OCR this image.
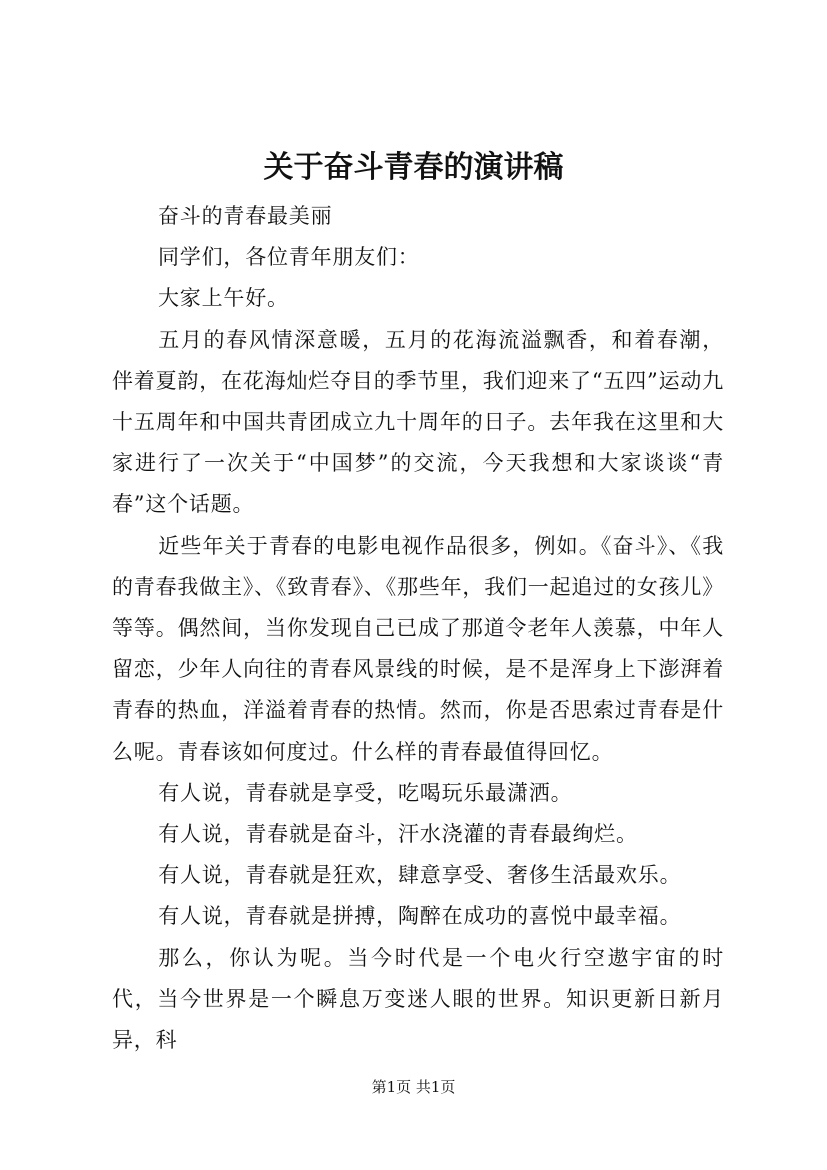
关于奋斗青春的演讲稿

奋斗的青春最美丽

同学们，各位青年朋友们：

大家上午好。

五月的春风情深意暖，五月的花海流溢飘香，和着春潮，伴着夏韵，在花海灿烂夺目的季节里，我们迎来了“五四”运动九十五周年和中国共青团成立九十周年的日子。去年我在这里和大家进行了一次关于“中国梦”的交流，今天我想和大家谈谈“青春”这个话题。

近些年关于青春的电影电视作品很多，例如。《奋斗》、《我的青春我做主》、《致青春》、《那些年，我们一起追过的女孩儿》等等。偶然间，当你发现自己已成了那道令老年人羡慕，中年人留恋，少年人向往的青春风景线的时候，是不是浑身上下澎湃着青春的热血，洋溢着青春的热情。然而，你是否思索过青春是什么呢。青春该如何度过。什么样的青春最值得回忆。

有人说，青春就是享受，吃喝玩乐最潇洒。

有人说，青春就是奋斗，汗水浇灌的青春最绚烂。

有人说，青春就是狂欢，肆意享受、奢侈生活最欢乐。

有人说，青春就是拼搏，陶醉在成功的喜悦中最幸福。

那么，你认为呢。当今时代是一个电火行空遨宇宙的时代，当今世界是一个瞬息万变迷人眼的世界。知识更新日新月异，科

第1页 共1页
